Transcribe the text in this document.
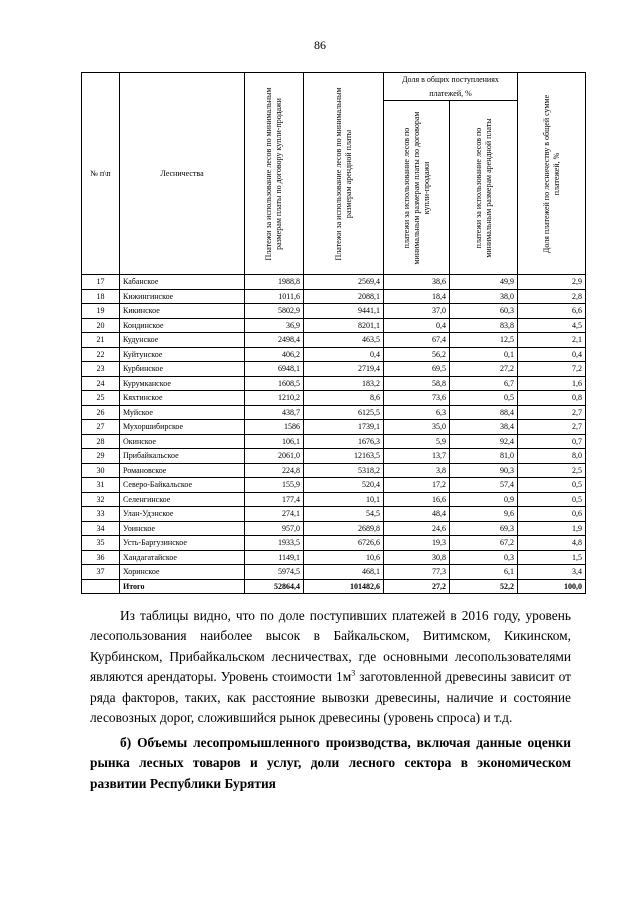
86
№ п\п	Лесничества	Платежи за использование лесов по минимальным размерам платы по договору купли-продажи	Платежи за использование лесов по минимальным размерам арендной платы	Доля в общих поступлениях платежей, %		Доля платежей по лесничеству в общей сумме платежей, %

				платежи за использование лесов по минимальным размерам платы по договорам купли-продажи	платежи за использование лесов по минимальным размерам арендной платы	

17	Кабанское	1988,8	2569,4	38,6	49,9	2,9
18	Кижингинское	1011,6	2088,1	18,4	38,0	2,8
19	Кикинское	5802,9	9441,1	37,0	60,3	6,6
20	Кондинское	36,9	8201,1	0,4	83,8	4,5
21	Кудунское	2498,4	463,5	67,4	12,5	2,1
22	Куйтунское	406,2	0,4	56,2	0,1	0,4
23	Курбинское	6948,1	2719,4	69,5	27,2	7,2
24	Курумканское	1608,5	183,2	58,8	6,7	1,6
25	Кяхтинское	1210,2	8,6	73,6	0,5	0,8
26	Муйское	438,7	6125,5	6,3	88,4	2,7
27	Мухоршибирское	1586	1739,1	35,0	38,4	2,7
28	Окинское	106,1	1676,3	5,9	92,4	0,7
29	Прибайкальское	2061,0	12163,5	13,7	81,0	8,0
30	Романовское	224,8	5318,2	3,8	90,3	2,5
31	Северо-Байкальское	155,9	520,4	17,2	57,4	0,5
32	Селенгинское	177,4	10,1	16,6	0,9	0,5
33	Улан-Удэнское	274,1	54,5	48,4	9,6	0,6
34	Уоинское	957,0	2689,8	24,6	69,3	1,9
35	Усть-Баргузинское	1933,5	6726,6	19,3	67,2	4,8
36	Хандагатайское	1149,1	10,6	30,8	0,3	1,5
37	Хоринское	5974,5	468,1	77,3	6,1	3,4
	Итого	52864,4	101482,6	27,2	52,2	100,0

Из таблицы видно, что по доле поступивших платежей в 2016 году, уровень лесопользования наиболее высок в Байкальском, Витимском, Кикинском, Курбинском, Прибайкальском лесничествах, где основными лесопользователями являются арендаторы. Уровень стоимости $1м^3$ заготовленной древесины зависит от ряда факторов, таких, как расстояние вывозки древесины, наличие и состояние лесовозных дорог, сложившийся рынок древесины (уровень спроса) и т.д.

б) Объемы лесопромышленного производства, включая данные оценки рынка лесных товаров и услуг, доли лесного сектора в экономическом развитии Республики Бурятия
